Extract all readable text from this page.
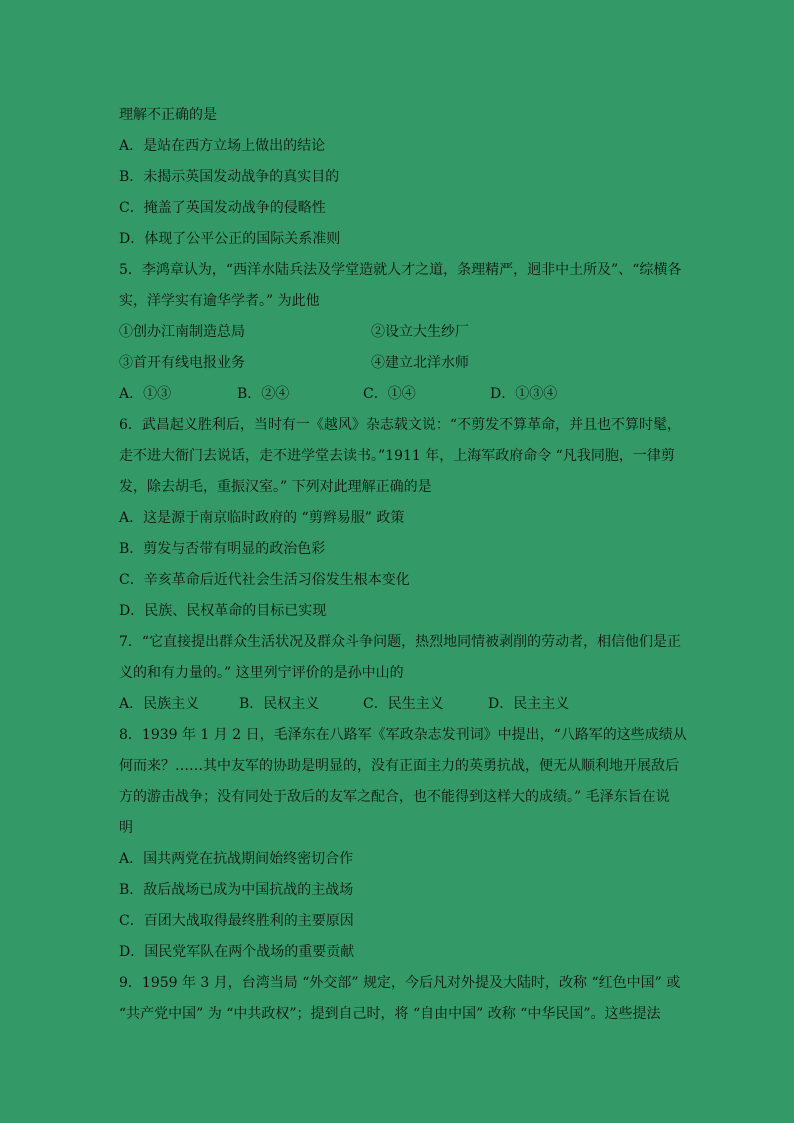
理解不正确的是
A．是站在西方立场上做出的结论
B．未揭示英国发动战争的真实目的
C．掩盖了英国发动战争的侵略性
D．体现了公平公正的国际关系准则
5．李鸿章认为，“西洋水陆兵法及学堂造就人才之道，条理精严，迥非中土所及”、“综横各
实，洋学实有逾华学者。” 为此他
①创办江南制造总局	②设立大生纱厂
③首开有线电报业务	④建立北洋水师
A．①③	B．②④	C．①④	D．①③④
6．武昌起义胜利后，当时有一《越风》杂志载文说：“不剪发不算革命，并且也不算时髦，
走不进大衙门去说话，走不进学堂去读书。”1911 年，上海军政府命令 “凡我同胞，一律剪
发，除去胡毛，重振汉室。” 下列对此理解正确的是
A．这是源于南京临时政府的 “剪辫易服” 政策
B．剪发与否带有明显的政治色彩
C．辛亥革命后近代社会生活习俗发生根本变化
D．民族、民权革命的目标已实现
7．“它直接提出群众生活状况及群众斗争问题，热烈地同情被剥削的劳动者，相信他们是正
义的和有力量的。” 这里列宁评价的是孙中山的
A．民族主义	B．民权主义	C．民生主义	D．民主主义
8．1939 年 1 月 2 日，毛泽东在八路军《军政杂志发刊词》中提出，“八路军的这些成绩从
何而来？……其中友军的协助是明显的，没有正面主力的英勇抗战，便无从顺利地开展敌后
方的游击战争；没有同处于敌后的友军之配合，也不能得到这样大的成绩。” 毛泽东旨在说
明
A．国共两党在抗战期间始终密切合作
B．敌后战场已成为中国抗战的主战场
C．百团大战取得最终胜利的主要原因
D．国民党军队在两个战场的重要贡献
9．1959 年 3 月，台湾当局 “外交部” 规定，今后凡对外提及大陆时，改称 “红色中国” 或
“共产党中国” 为 “中共政权”；提到自己时，将 “自由中国” 改称 “中华民国”。这些提法
